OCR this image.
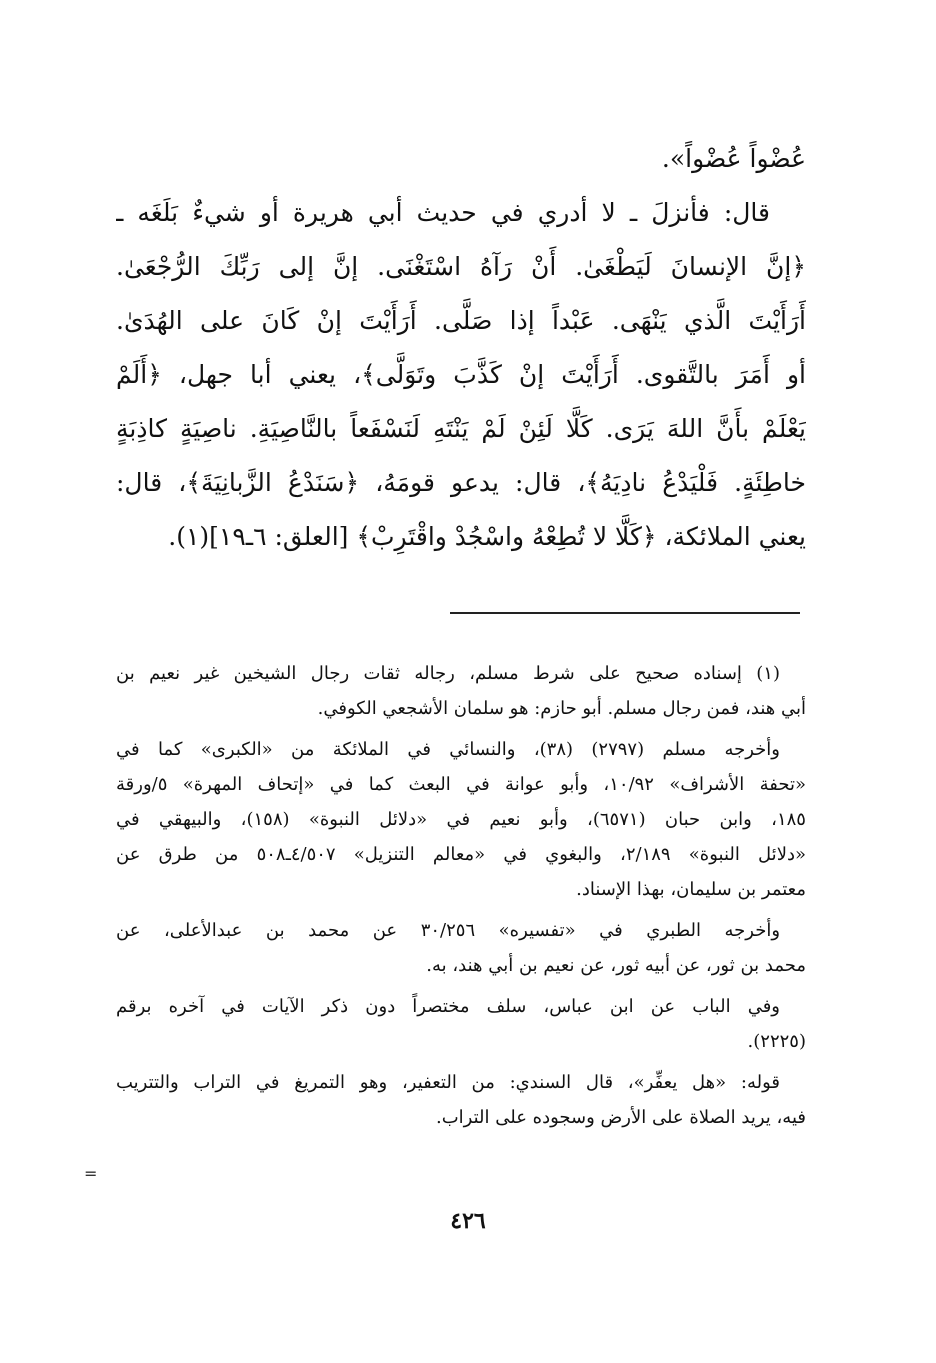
عُضْواً عُضْواً».
قال: فأنزلَ ـ لا أدري في حديث أبي هريرة أو شيءٌ بَلَغَه ـ
﴿إنَّ الإنسانَ لَيَطْغَىٰ. أَنْ رَآهُ اسْتَغْنَى. إنَّ إلى رَبِّكَ الرُّجْعَىٰ.
أَرَأَيْتَ الَّذي يَنْهَى. عَبْداً إذا صَلَّى. أَرَأَيْتَ إنْ كَانَ على الهُدَىٰ.
أو أَمَرَ بالتَّقوى. أَرَأَيْتَ إنْ كَذَّبَ وتَوَلَّى﴾، يعني أبا جهل، ﴿أَلَمْ
يَعْلَمْ بأَنَّ اللهَ يَرَى. كَلَّا لَئِنْ لَمْ يَنْتَهِ لَنَسْفَعاً بالنَّاصِيَةِ. ناصِيَةٍ كاذِبَةٍ
خاطِئَةٍ. فَلْيَدْعُ نادِيَهُ﴾، قال: يدعو قومَهُ، ﴿سَنَدْعُ الزَّبانِيَةَ﴾، قال:
يعني الملائكة، ﴿كَلَّا لا تُطِعْهُ واسْجُدْ واقْتَرِبْ﴾ [العلق: ٦ـ١٩](١).
(١) إسناده صحيح على شرط مسلم، رجاله ثقات رجال الشيخين غير نعيم بن
أبي هند، فمن رجال مسلم. أبو حازم: هو سلمان الأشجعي الكوفي.
وأخرجه مسلم (٢٧٩٧) (٣٨)، والنسائي في الملائكة من «الكبرى» كما في
«تحفة الأشراف» ١٠/٩٢، وأبو عوانة في البعث كما في «إتحاف المهرة» ٥/ورقة
١٨٥، وابن حبان (٦٥٧١)، وأبو نعيم في «دلائل النبوة» (١٥٨)، والبيهقي في
«دلائل النبوة» ٢/١٨٩، والبغوي في «معالم التنزيل» ٤/٥٠٧ـ٥٠٨ من طرق عن
معتمر بن سليمان، بهذا الإسناد.
وأخرجه الطبري في «تفسيره» ٣٠/٢٥٦ عن محمد بن عبدالأعلى، عن
محمد بن ثور، عن أبيه ثور، عن نعيم بن أبي هند، به.
وفي الباب عن ابن عباس، سلف مختصراً دون ذكر الآيات في آخره برقم
(٢٢٢٥).
قوله: «هل يعفِّر»، قال السندي: من التعفير، وهو التمريغ في التراب والتتريب
فيه، يريد الصلاة على الأرض وسجوده على التراب.
=
٤٢٦
